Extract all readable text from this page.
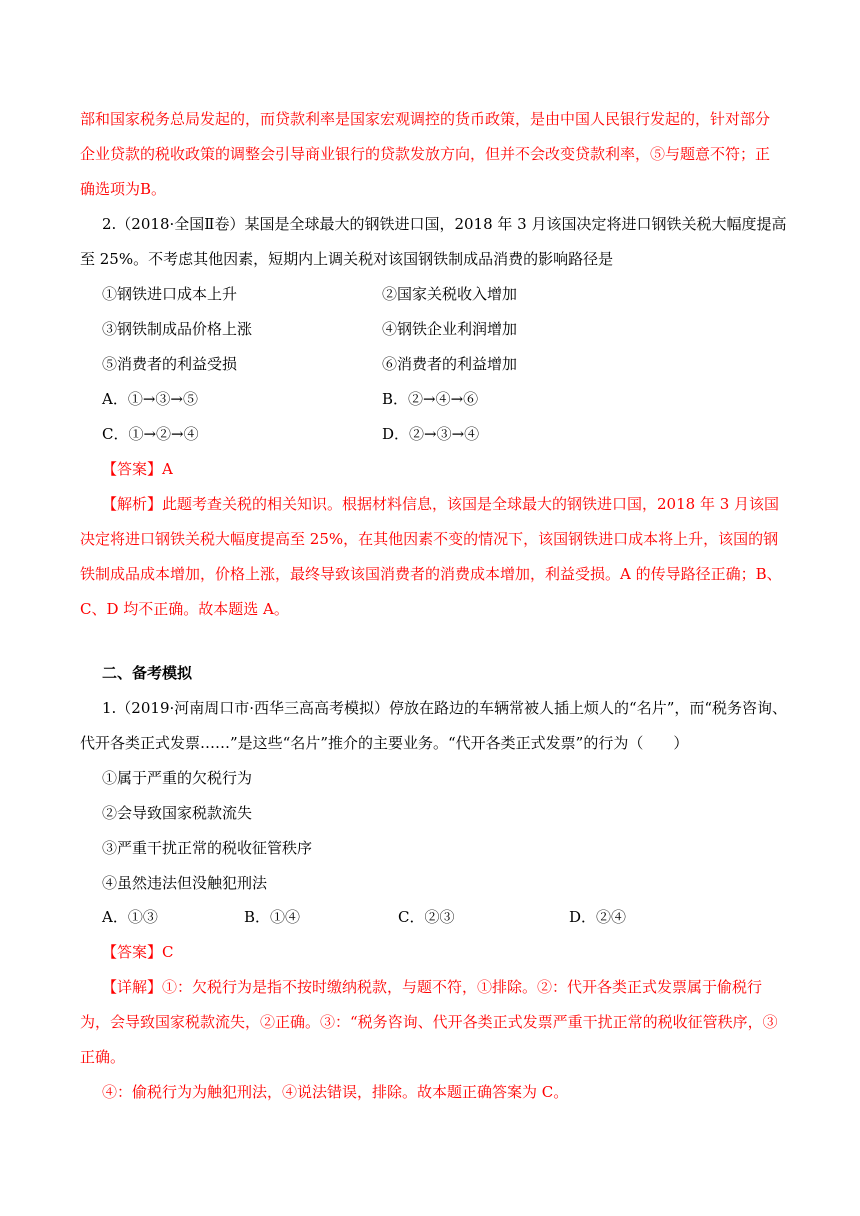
部和国家税务总局发起的，而贷款利率是国家宏观调控的货币政策，是由中国人民银行发起的，针对部分
企业贷款的税收政策的调整会引导商业银行的贷款发放方向，但并不会改变贷款利率，⑤与题意不符；正
确选项为B。
2.（2018·全国Ⅱ卷）某国是全球最大的钢铁进口国，2018 年 3 月该国决定将进口钢铁关税大幅度提高
至 25%。不考虑其他因素，短期内上调关税对该国钢铁制成品消费的影响路径是
①钢铁进口成本上升	②国家关税收入增加
③钢铁制成品价格上涨	④钢铁企业利润增加
⑤消费者的利益受损	⑥消费者的利益增加
A．①→③→⑤	B．②→④→⑥
C．①→②→④	D．②→③→④
【答案】A
【解析】此题考查关税的相关知识。根据材料信息，该国是全球最大的钢铁进口国，2018 年 3 月该国
决定将进口钢铁关税大幅度提高至 25%，在其他因素不变的情况下，该国钢铁进口成本将上升，该国的钢
铁制成品成本增加，价格上涨，最终导致该国消费者的消费成本增加，利益受损。A 的传导路径正确；B、
C、D 均不正确。故本题选 A。
二、备考模拟
1.（2019·河南周口市·西华三高高考模拟）停放在路边的车辆常被人插上烦人的“名片”，而“税务咨询、
代开各类正式发票……”是这些“名片”推介的主要业务。“代开各类正式发票”的行为（　　）
①属于严重的欠税行为
②会导致国家税款流失
③严重干扰正常的税收征管秩序
④虽然违法但没触犯刑法
A．①③	B．①④	C．②③	D．②④
【答案】C
【详解】①：欠税行为是指不按时缴纳税款，与题不符，①排除。②：代开各类正式发票属于偷税行
为，会导致国家税款流失，②正确。③：“税务咨询、代开各类正式发票严重干扰正常的税收征管秩序，③
正确。
④：偷税行为为触犯刑法，④说法错误，排除。故本题正确答案为 C。
